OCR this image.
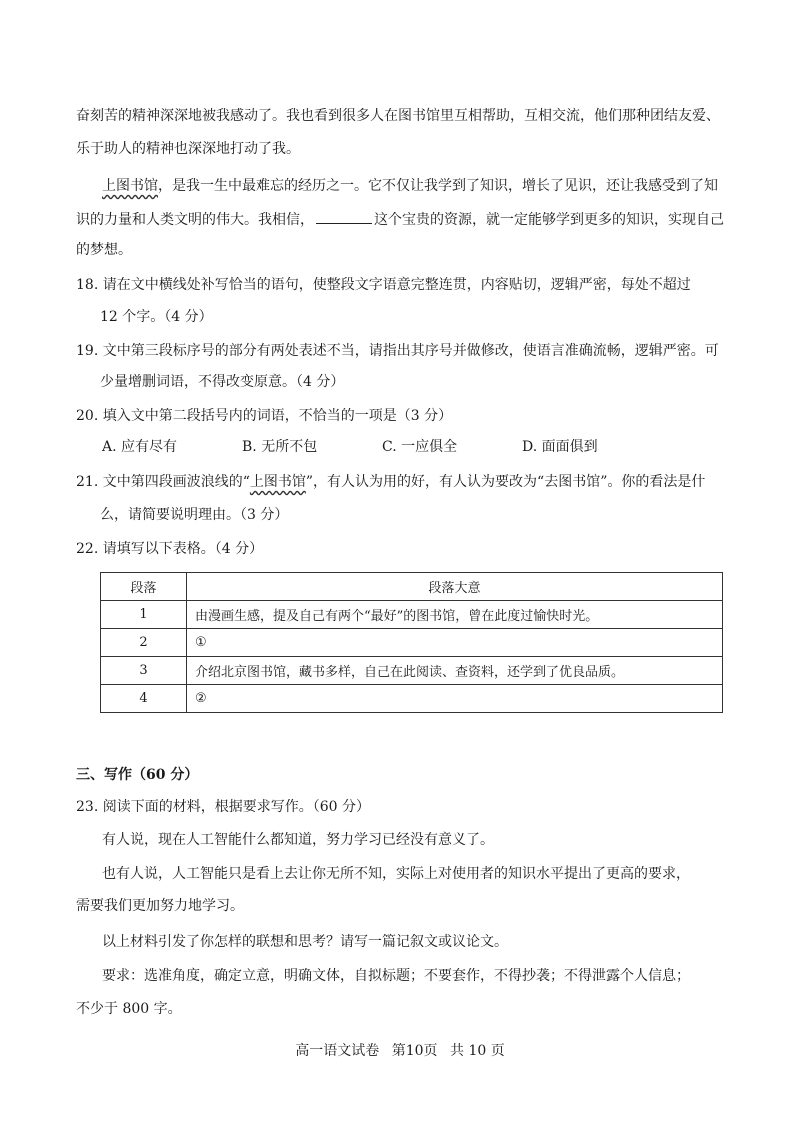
奋刻苦的精神深深地被我感动了。我也看到很多人在图书馆里互相帮助，互相交流，他们那种团结友爱、
乐于助人的精神也深深地打动了我。
上图书馆，是我一生中最难忘的经历之一。它不仅让我学到了知识，增长了见识，还让我感受到了知
识的力量和人类文明的伟大。我相信，	这个宝贵的资源，就一定能够学到更多的知识，实现自己
的梦想。
18. 请在文中横线处补写恰当的语句，使整段文字语意完整连贯，内容贴切，逻辑严密，每处不超过
12 个字。（4 分）
19. 文中第三段标序号的部分有两处表述不当，请指出其序号并做修改，使语言准确流畅，逻辑严密。可
少量增删词语，不得改变原意。（4 分）
20. 填入文中第二段括号内的词语，不恰当的一项是（3 分）
A. 应有尽有	B. 无所不包	C. 一应俱全	D. 面面俱到
21. 文中第四段画波浪线的“上图书馆”，有人认为用的好，有人认为要改为“去图书馆”。你的看法是什
么，请简要说明理由。（3 分）
22. 请填写以下表格。（4 分）
段落	段落大意
1	由漫画生感，提及自己有两个“最好”的图书馆，曾在此度过愉快时光。
2	①
3	介绍北京图书馆，藏书多样，自己在此阅读、查资料，还学到了优良品质。
4	②
三、写作（60 分）
23. 阅读下面的材料，根据要求写作。（60 分）
有人说，现在人工智能什么都知道，努力学习已经没有意义了。
也有人说，人工智能只是看上去让你无所不知，实际上对使用者的知识水平提出了更高的要求，
需要我们更加努力地学习。
以上材料引发了你怎样的联想和思考？请写一篇记叙文或议论文。
要求：选准角度，确定立意，明确文体，自拟标题；不要套作，不得抄袭；不得泄露个人信息；
不少于 800 字。
高一语文试卷 第10页 共 10 页
